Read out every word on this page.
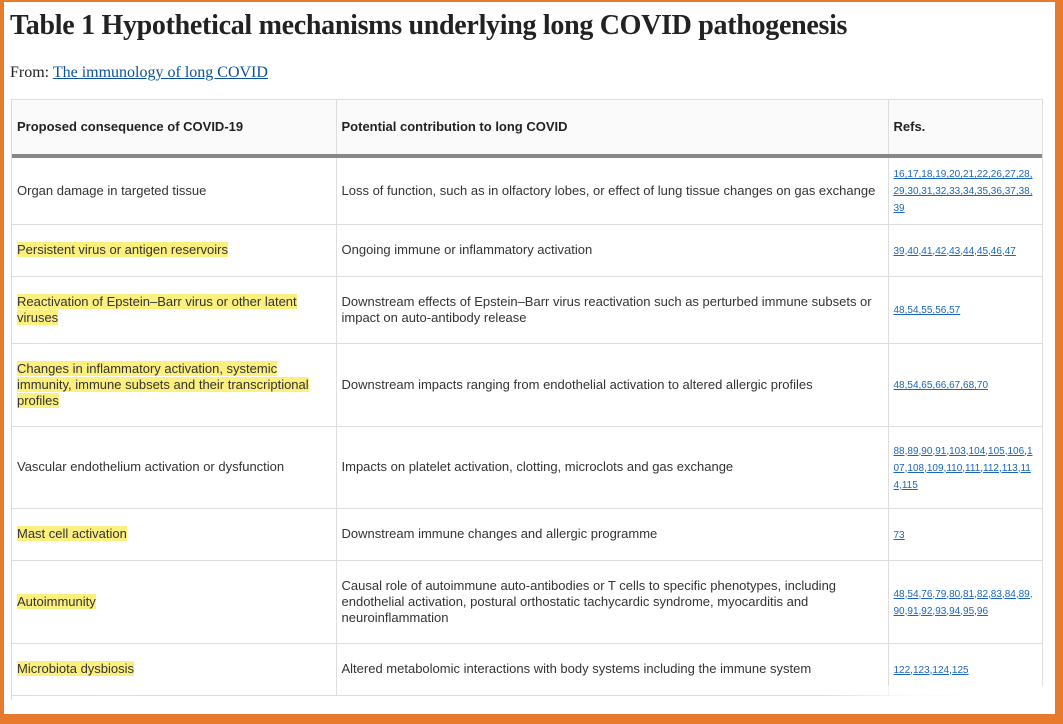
Table 1 Hypothetical mechanisms underlying long COVID pathogenesis
From: The immunology of long COVID
Proposed consequence of COVID-19	Potential contribution to long COVID	Refs.
Organ damage in targeted tissue	Loss of function, such as in olfactory lobes, or effect of lung tissue changes on gas exchange	16,17,18,19,20,21,22,26,27,28,29,30,31,32,33,34,35,36,37,38,39
Persistent virus or antigen reservoirs	Ongoing immune or inflammatory activation	39,40,41,42,43,44,45,46,47
Reactivation of Epstein–Barr virus or other latent viruses	Downstream effects of Epstein–Barr virus reactivation such as perturbed immune subsets or impact on auto-antibody release	48,54,55,56,57
Changes in inflammatory activation, systemic immunity, immune subsets and their transcriptional profiles	Downstream impacts ranging from endothelial activation to altered allergic profiles	48,54,65,66,67,68,70
Vascular endothelium activation or dysfunction	Impacts on platelet activation, clotting, microclots and gas exchange	88,89,90,91,103,104,105,106,107,108,109,110,111,112,113,114,115
Mast cell activation	Downstream immune changes and allergic programme	73
Autoimmunity	Causal role of autoimmune auto-antibodies or T cells to specific phenotypes, including endothelial activation, postural orthostatic tachycardic syndrome, myocarditis and neuroinflammation	48,54,76,79,80,81,82,83,84,89,90,91,92,93,94,95,96
Microbiota dysbiosis	Altered metabolomic interactions with body systems including the immune system	122,123,124,125
